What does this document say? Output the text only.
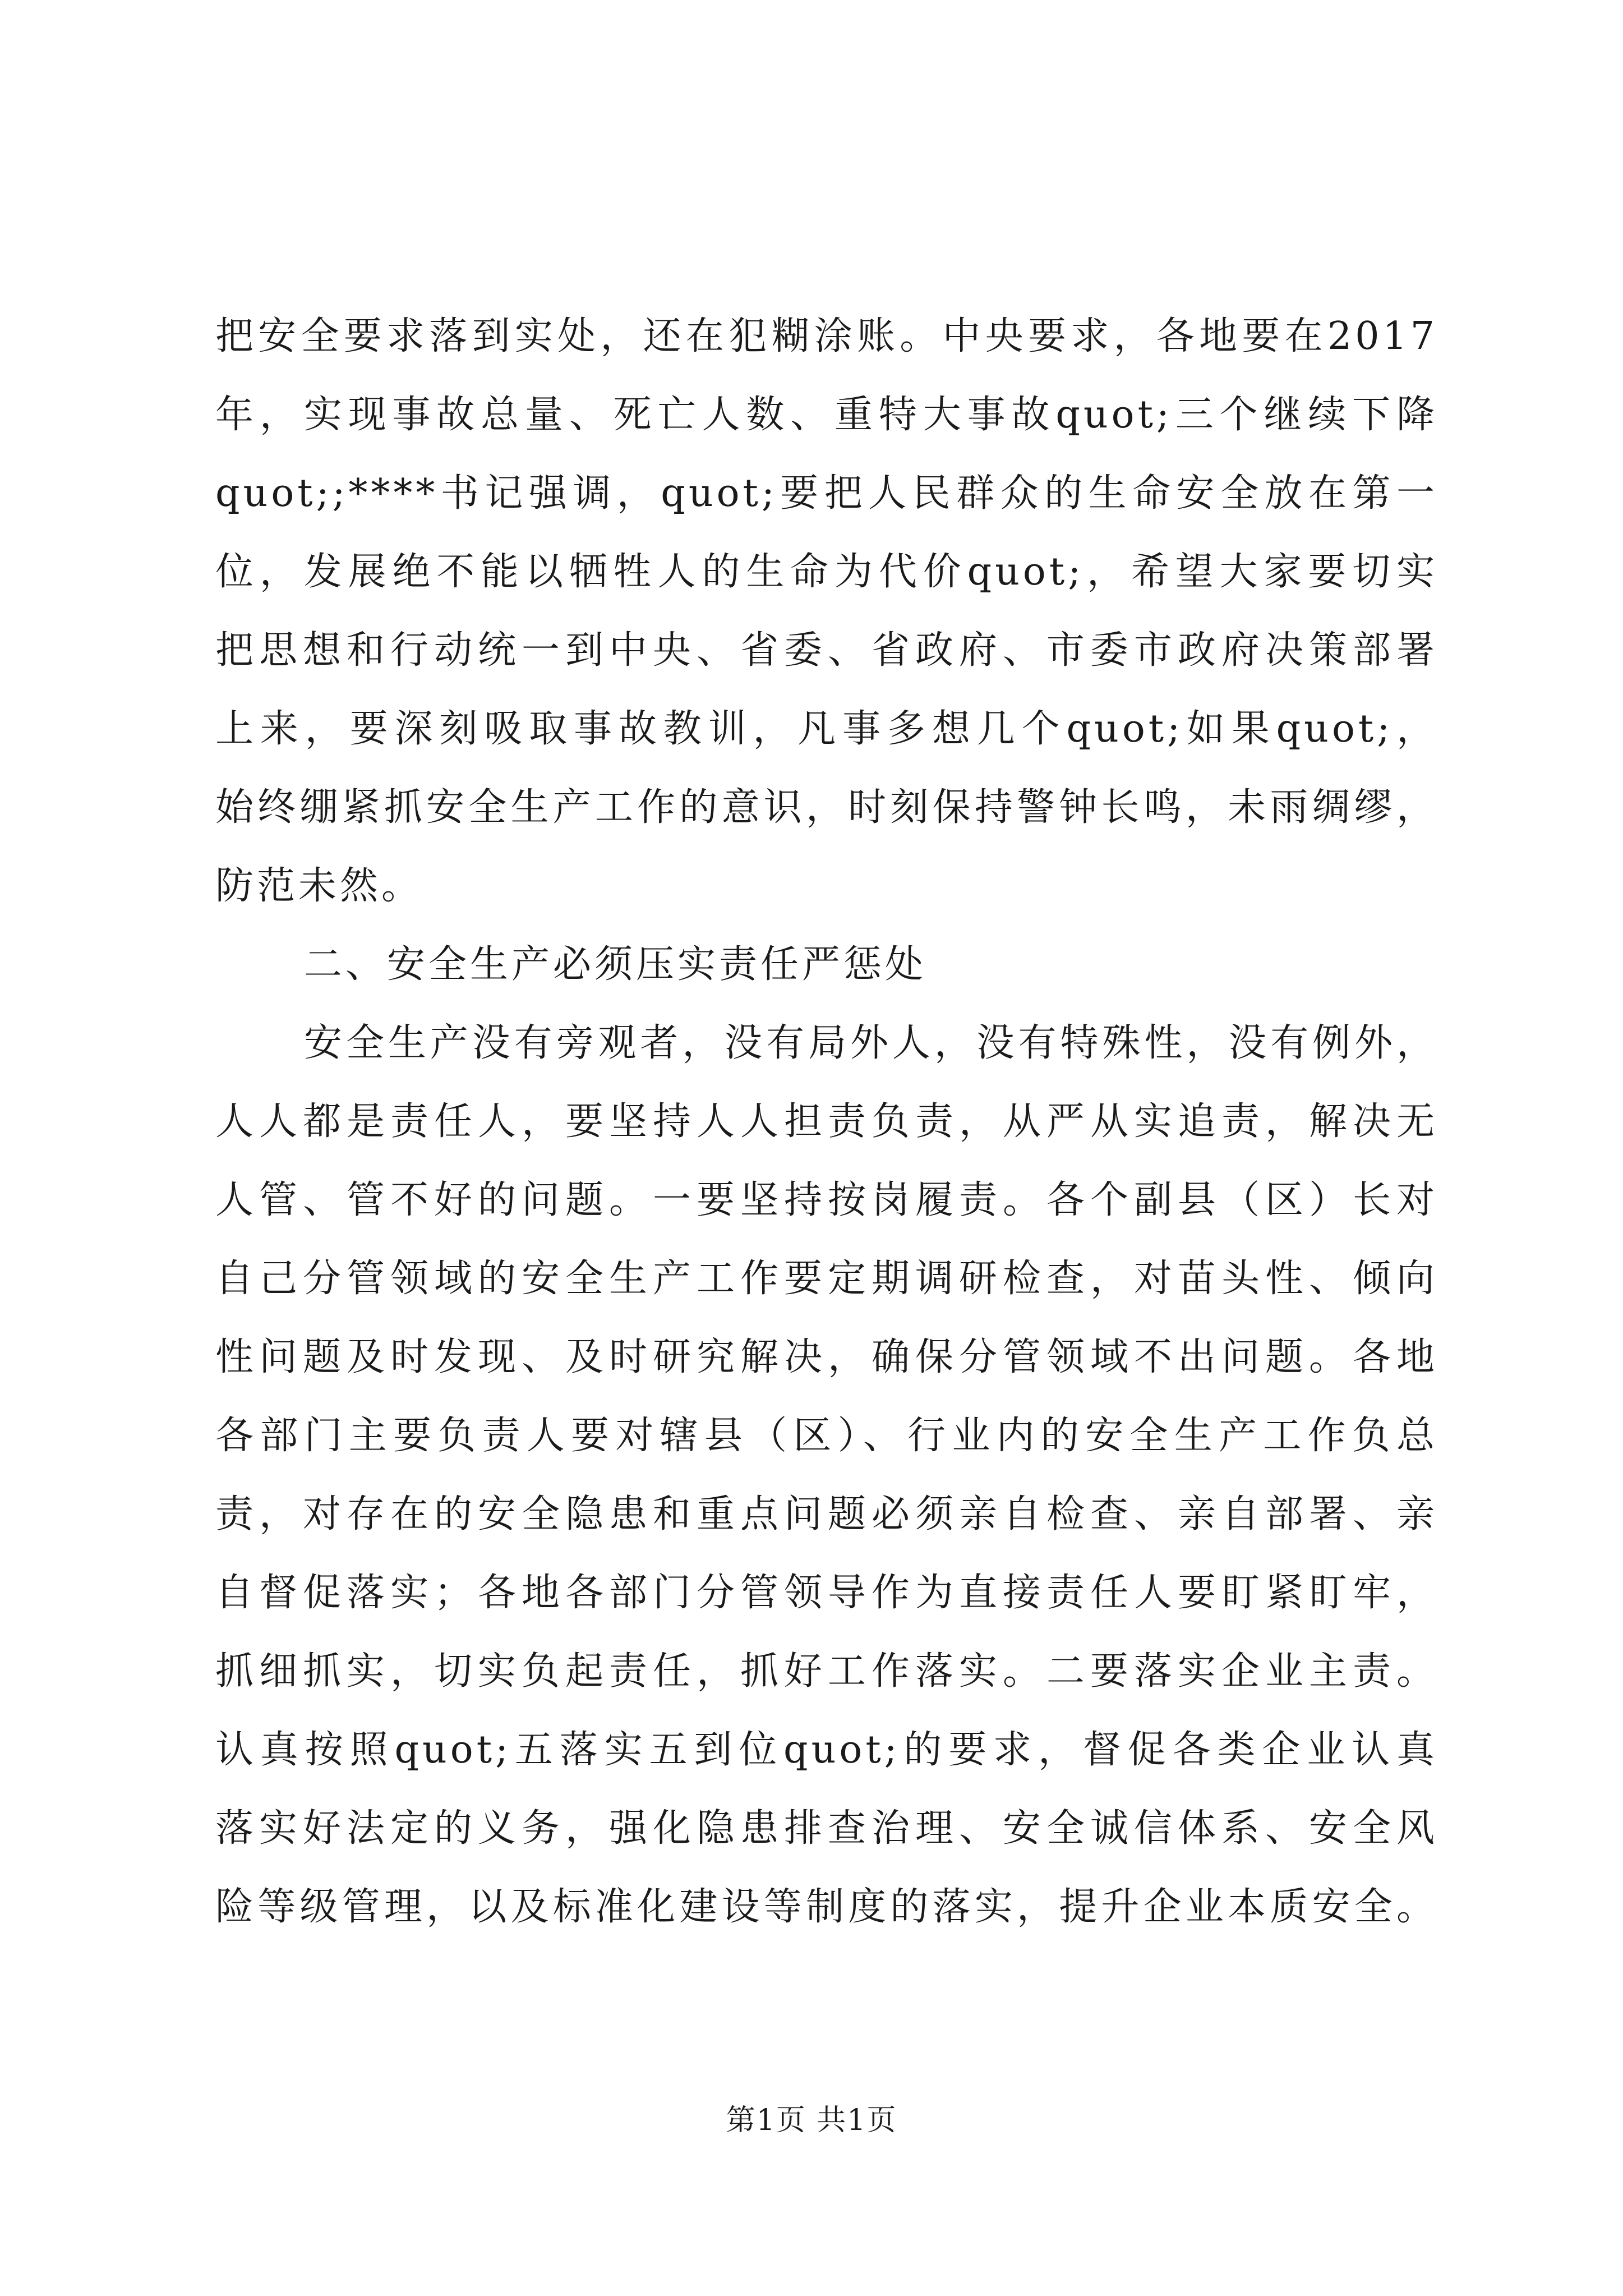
把安全要求落到实处，还在犯糊涂账。中央要求，各地要在2017
年，实现事故总量、死亡人数、重特大事故quot;三个继续下降
quot;;****书记强调，quot;要把人民群众的生命安全放在第一
位，发展绝不能以牺牲人的生命为代价quot;，希望大家要切实
把思想和行动统一到中央、省委、省政府、市委市政府决策部署
上来，要深刻吸取事故教训，凡事多想几个quot;如果quot;，
始终绷紧抓安全生产工作的意识，时刻保持警钟长鸣，未雨绸缪，
防范未然。
二、安全生产必须压实责任严惩处
安全生产没有旁观者，没有局外人，没有特殊性，没有例外，
人人都是责任人，要坚持人人担责负责，从严从实追责，解决无
人管、管不好的问题。一要坚持按岗履责。各个副县（区）长对
自己分管领域的安全生产工作要定期调研检查，对苗头性、倾向
性问题及时发现、及时研究解决，确保分管领域不出问题。各地
各部门主要负责人要对辖县（区）、行业内的安全生产工作负总
责，对存在的安全隐患和重点问题必须亲自检查、亲自部署、亲
自督促落实；各地各部门分管领导作为直接责任人要盯紧盯牢，
抓细抓实，切实负起责任，抓好工作落实。二要落实企业主责。
认真按照quot;五落实五到位quot;的要求，督促各类企业认真
落实好法定的义务，强化隐患排查治理、安全诚信体系、安全风
险等级管理，以及标准化建设等制度的落实，提升企业本质安全。
第1页 共1页
